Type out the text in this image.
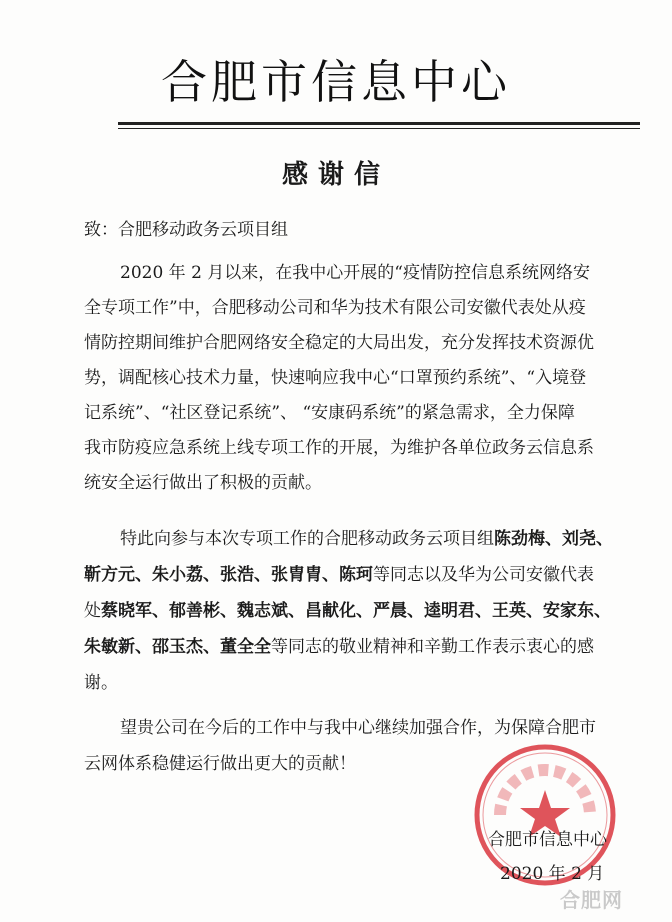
合肥市信息中心
感谢信
致：合肥移动政务云项目组
2020 年 2 月以来，在我中心开展的“疫情防控信息系统网络安
全专项工作”中，合肥移动公司和华为技术有限公司安徽代表处从疫
情防控期间维护合肥网络安全稳定的大局出发，充分发挥技术资源优
势，调配核心技术力量，快速响应我中心“口罩预约系统”、“入境登
记系统”、“社区登记系统”、 “安康码系统”的紧急需求，全力保障
我市防疫应急系统上线专项工作的开展，为维护各单位政务云信息系
统安全运行做出了积极的贡献。
特此向参与本次专项工作的合肥移动政务云项目组陈劲梅、刘尧、
靳方元、朱小荔、张浩、张胄胄、陈珂等同志以及华为公司安徽代表
处蔡晓军、郁善彬、魏志斌、昌献化、严晨、逵明君、王英、安家东、
朱敏新、邵玉杰、董全全等同志的敬业精神和辛勤工作表示衷心的感
谢。
望贵公司在今后的工作中与我中心继续加强合作，为保障合肥市
云网体系稳健运行做出更大的贡献！
合肥市信息中心
2020 年 2 月
合肥网
